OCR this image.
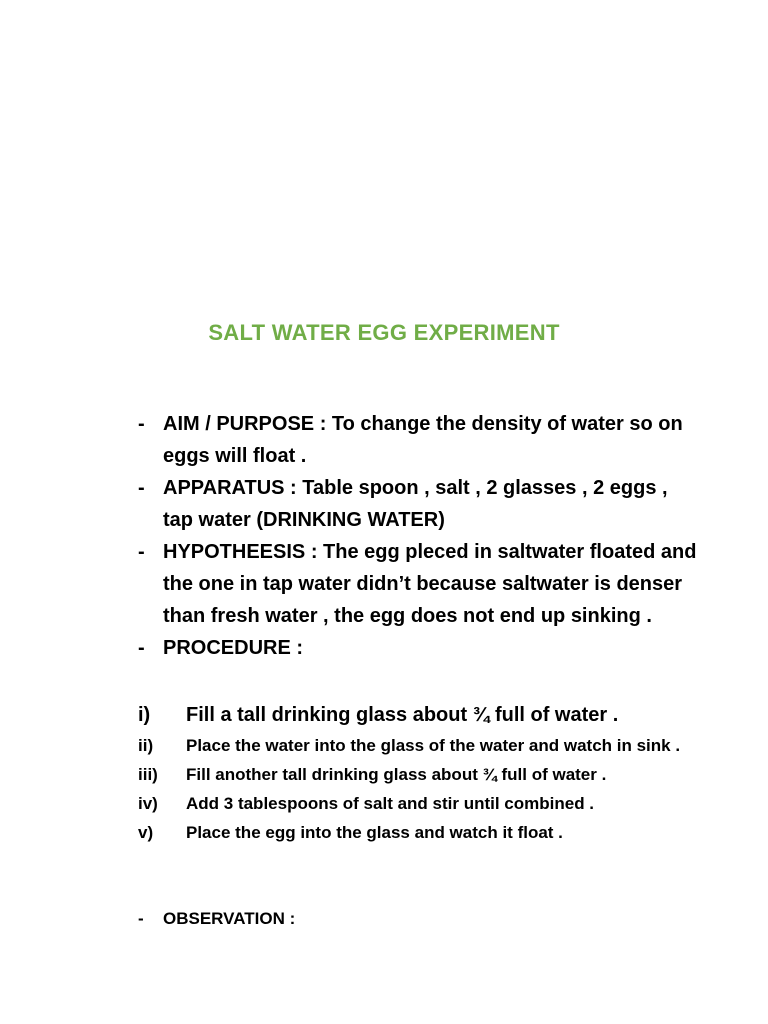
SALT WATER EGG EXPERIMENT
- AIM / PURPOSE : To change the density of water so on eggs will float .
- APPARATUS : Table spoon , salt , 2 glasses , 2 eggs , tap water (DRINKING WATER)
- HYPOTHEESIS : The egg pleced in saltwater floated and the one in tap water didn’t because saltwater is denser than fresh water , the egg does not end up sinking .
- PROCEDURE :
i) Fill a tall drinking glass about ¾ full of water .
ii) Place the water into the glass of the water and watch in sink .
iii) Fill another tall drinking glass about ¾ full of water .
iv) Add 3 tablespoons of salt and stir until combined .
v) Place the egg into the glass and watch it float .
- OBSERVATION :
